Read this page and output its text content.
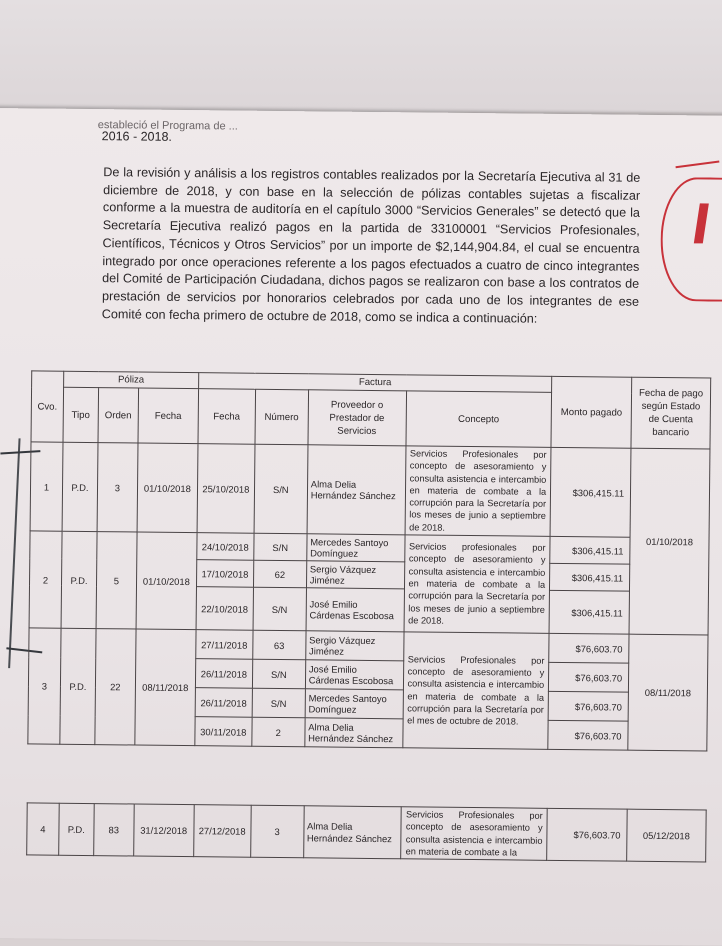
estableció el Programa de ...
2016 - 2018.

De la revisión y análisis a los registros contables realizados por la Secretaría Ejecutiva al 31 de diciembre de 2018, y con base en la selección de pólizas contables sujetas a fiscalizar conforme a la muestra de auditoría en el capítulo 3000 “Servicios Generales” se detectó que la Secretaría Ejecutiva realizó pagos en la partida de 33100001 “Servicios Profesionales, Científicos, Técnicos y Otros Servicios” por un importe de $2,144,904.84, el cual se encuentra integrado por once operaciones referente a los pagos efectuados a cuatro de cinco integrantes del Comité de Participación Ciudadana, dichos pagos se realizaron con base a los contratos de prestación de servicios por honorarios celebrados por cada uno de los integrantes de ese Comité con fecha primero de octubre de 2018, como se indica a continuación:

Cvo.	Póliza			Factura				Monto pagado	Fecha de pago según Estado de Cuenta bancario
	Tipo	Orden	Fecha	Fecha	Número	Proveedor o Prestador de Servicios	Concepto		
1	P.D.	3	01/10/2018	25/10/2018	S/N	Alma Delia Hernández Sánchez	Servicios Profesionales por concepto de asesoramiento y consulta asistencia e intercambio en materia de combate a la corrupción para la Secretaría por los meses de junio a septiembre de 2018.	$306,415.11	01/10/2018
2	P.D.	5	01/10/2018	24/10/2018	S/N	Mercedes Santoyo Domínguez	Servicios profesionales por concepto de asesoramiento y consulta asistencia e intercambio en materia de combate a la corrupción para la Secretaría por los meses de junio a septiembre de 2018.	$306,415.11	
				17/10/2018	62	Sergio Vázquez Jiménez		$306,415.11	
				22/10/2018	S/N	José Emilio Cárdenas Escobosa		$306,415.11	
3	P.D.	22	08/11/2018	27/11/2018	63	Sergio Vázquez Jiménez	Servicios Profesionales por concepto de asesoramiento y consulta asistencia e intercambio en materia de combate a la corrupción para la Secretaría por el mes de octubre de 2018.	$76,603.70	08/11/2018
				26/11/2018	S/N	José Emilio Cárdenas Escobosa		$76,603.70	
				26/11/2018	S/N	Mercedes Santoyo Domínguez		$76,603.70	
				30/11/2018	2	Alma Delia Hernández Sánchez		$76,603.70	
4	P.D.	83	31/12/2018	27/12/2018	3	Alma Delia Hernández Sánchez	Servicios Profesionales por concepto de asesoramiento y consulta asistencia e intercambio en materia de combate a la	$76,603.70	05/12/2018
